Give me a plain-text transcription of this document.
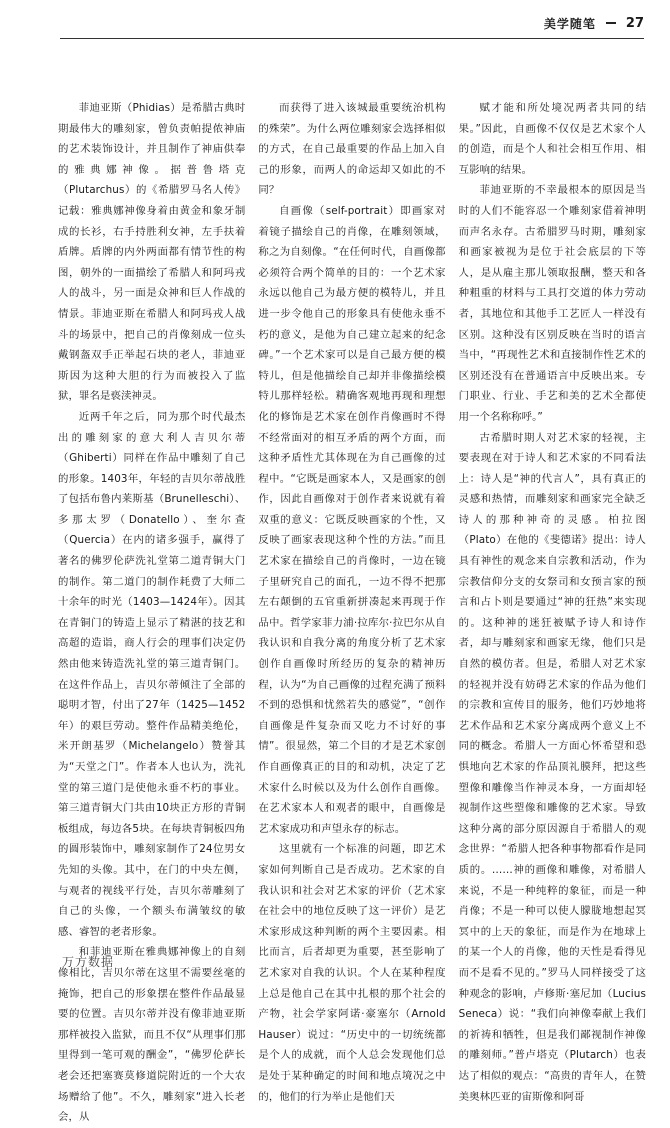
美学随笔 27

菲迪亚斯（Phidias）是希腊古典时期最伟大的雕刻家，曾负责帕提侬神庙的艺术装饰设计，并且制作了神庙供奉的雅典娜神像。据普鲁塔克（Plutarchus）的《希腊罗马名人传》记载：雅典娜神像身着由黄金和象牙制成的长衫，右手持胜利女神，左手扶着盾牌。盾牌的内外两面都有情节性的构图，朝外的一面描绘了希腊人和阿玛戎人的战斗，另一面是众神和巨人作战的情景。菲迪亚斯在希腊人和阿玛戎人战斗的场景中，把自己的肖像刻成一位头戴钢盔双手正举起石块的老人，菲迪亚斯因为这种大胆的行为而被投入了监狱，罪名是亵渎神灵。

近两千年之后，同为那个时代最杰出的雕刻家的意大利人吉贝尔蒂（Ghiberti）同样在作品中雕刻了自己的形象。1403年，年轻的吉贝尔蒂战胜了包括布鲁内莱斯基（Brunelleschi）、多那太罗（Donatello）、奎尔查（Quercia）在内的诸多强手，赢得了著名的佛罗伦萨洗礼堂第二道青铜大门的制作。第二道门的制作耗费了大师二十余年的时光（1403—1424年）。因其在青铜门的铸造上显示了精湛的技艺和高超的造诣，商人行会的理事们决定仍然由他来铸造洗礼堂的第三道青铜门。在这件作品上，吉贝尔蒂倾注了全部的聪明才智，付出了27年（1425—1452年）的艰巨劳动。整件作品精美绝伦，米开朗基罗（Michelangelo）赞誉其为“天堂之门”。作者本人也认为，洗礼堂的第三道门是使他永垂不朽的事业。第三道青铜大门共由10块正方形的青铜板组成，每边各5块。在每块青铜板四角的圆形装饰中，雕刻家制作了24位男女先知的头像。其中，在门的中央左侧，与观者的视线平行处，吉贝尔蒂雕刻了自己的头像，一个额头布满皱纹的敏感、睿智的老者形象。

和菲迪亚斯在雅典娜神像上的自刻像相比，吉贝尔蒂在这里不需要丝毫的掩饰，把自己的形象摆在整件作品最显要的位置。吉贝尔蒂并没有像菲迪亚斯那样被投入监狱，而且不仅“从理事们那里得到一笔可观的酬金”，“佛罗伦萨长老会还把塞赛莫修道院附近的一个大农场赠给了他”。不久，雕刻家“进入长老会，从

而获得了进入该城最重要统治机构的殊荣”。为什么两位雕刻家会选择相似的方式，在自己最重要的作品上加入自己的形象，而两人的命运却又如此的不同？

自画像（self-portrait）即画家对着镜子描绘自己的肖像，在雕刻领域，称之为自刻像。“在任何时代，自画像都必须符合两个简单的目的：一个艺术家永远以他自己为最方便的模特儿，并且进一步令他自己的形象具有使他永垂不朽的意义，是他为自己建立起来的纪念碑。”一个艺术家可以是自己最方便的模特儿，但是他描绘自己却并非像描绘模特儿那样轻松。精确客观地再现和理想化的修饰是艺术家在创作肖像画时不得不经常面对的相互矛盾的两个方面，而这种矛盾性尤其体现在为自己画像的过程中。“它既是画家本人，又是画家的创作，因此自画像对于创作者来说就有着双重的意义：它既反映画家的个性，又反映了画家表现这种个性的方法。”而且艺术家在描绘自己的肖像时，一边在镜子里研究自己的面孔，一边不得不把那左右颠倒的五官重新拼凑起来再现于作品中。哲学家菲力浦·拉库尔·拉巴尔从自我认识和自我分离的角度分析了艺术家创作自画像时所经历的复杂的精神历程，认为“为自己画像的过程充满了预料不到的恐惧和忧然若失的感觉”，“创作自画像是件复杂而又吃力不讨好的事情”。很显然，第二个目的才是艺术家创作自画像真正的目的和动机，决定了艺术家什么时候以及为什么创作自画像。在艺术家本人和观者的眼中，自画像是艺术家成功和声望永存的标志。

这里就有一个标准的问题，即艺术家如何判断自己是否成功。艺术家的自我认识和社会对艺术家的评价（艺术家在社会中的地位反映了这一评价）是艺术家形成这种判断的两个主要因素。相比而言，后者却更为重要，甚至影响了艺术家对自我的认识。个人在某种程度上总是他自己在其中扎根的那个社会的产物，社会学家阿诺·豪塞尔（Arnold Hauser）说过：“历史中的一切统统都是个人的成就，而个人总会发现他们总是处于某种确定的时间和地点境况之中的，他们的行为举止是他们天

赋才能和所处境况两者共同的结果。”因此，自画像不仅仅是艺术家个人的创造，而是个人和社会相互作用、相互影响的结果。

菲迪亚斯的不幸最根本的原因是当时的人们不能容忍一个雕刻家借着神明而声名永存。古希腊罗马时期，雕刻家和画家被视为是位于社会底层的下等人，是从雇主那儿领取报酬，整天和各种粗重的材料与工具打交道的体力劳动者，其地位和其他手工艺匠人一样没有区别。这种没有区别反映在当时的语言当中，“再现性艺术和直接制作性艺术的区别还没有在普通语言中反映出来。专门职业、行业、手艺和美的艺术全都使用一个名称称呼。”

古希腊时期人对艺术家的轻视，主要表现在对于诗人和艺术家的不同看法上：诗人是“神的代言人”，具有真正的灵感和热情，而雕刻家和画家完全缺乏诗人的那种神奇的灵感。柏拉图（Plato）在他的《斐德诺》提出：诗人具有神性的观念来自宗教和活动，作为宗教信仰分支的女祭司和女预言家的预言和占卜则是要通过“神的狂热”来实现的。这种神的迷狂被赋予诗人和诗作者，却与雕刻家和画家无缘，他们只是自然的模仿者。但是，希腊人对艺术家的轻视并没有妨碍艺术家的作品为他们的宗教和宣传目的服务，他们巧妙地将艺术作品和艺术家分离成两个意义上不同的概念。希腊人一方面心怀希望和恐惧地向艺术家的作品顶礼膜拜，把这些塑像和雕像当作神灵本身，一方面却轻视制作这些塑像和雕像的艺术家。导致这种分离的部分原因源自于希腊人的观念世界：“希腊人把各种事物都看作是同质的。……神的画像和雕像，对希腊人来说，不是一种纯粹的象征，而是一种肖像；不是一种可以使人朦胧地想起冥冥中的上天的象征，而是作为在地球上的某一个人的肖像，他的天性是看得见而不是看不见的。”罗马人同样接受了这种观念的影响，卢修斯·塞尼加（Lucius Seneca）说：“我们向神像奉献上我们的祈祷和牺牲，但是我们鄙视制作神像的雕刻师。”普卢塔克（Plutarch）也表达了相似的观点：“高贵的青年人，在赞美奥林匹亚的宙斯像和阿哥

万方数据
